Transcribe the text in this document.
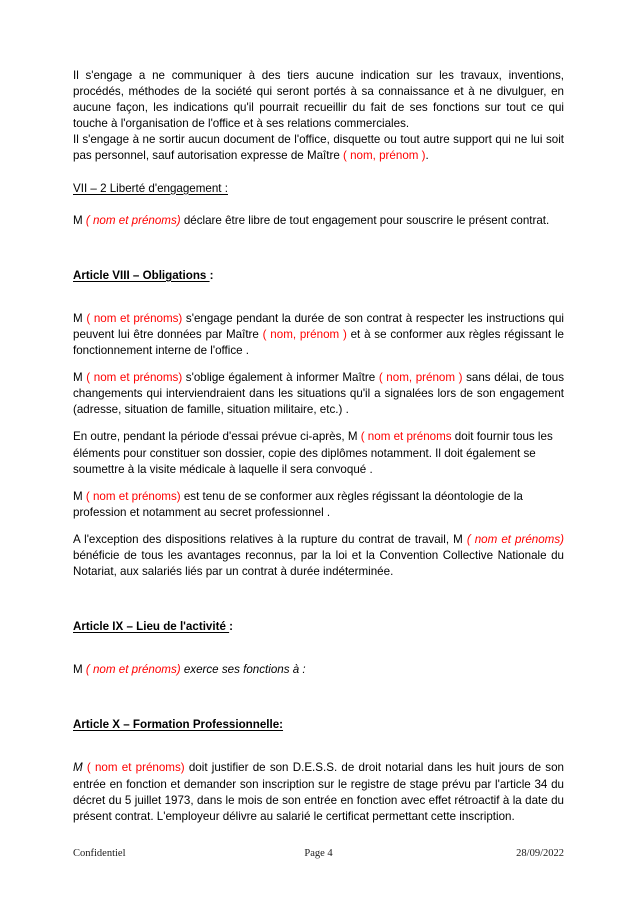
Il s'engage a ne communiquer à des tiers aucune indication sur les travaux, inventions, procédés, méthodes de la société qui seront portés à sa connaissance et à ne divulguer, en aucune façon, les indications qu'il pourrait recueillir du fait de ses fonctions sur tout ce qui touche à l'organisation de l'office et à ses relations commerciales.

Il s'engage à ne sortir aucun document de l'office, disquette ou tout autre support qui ne lui soit pas personnel, sauf autorisation expresse de Maître ( nom, prénom ).

VII – 2 Liberté d'engagement :

M ( nom et prénoms) déclare être libre de tout engagement pour souscrire le présent contrat.

Article VIII – Obligations :

M ( nom et prénoms) s'engage pendant la durée de son contrat à respecter les instructions qui peuvent lui être données par Maître ( nom, prénom ) et à se conformer aux règles régissant le fonctionnement interne de l'office .

M ( nom et prénoms) s'oblige également à informer Maître ( nom, prénom ) sans délai, de tous changements qui interviendraient dans les situations qu'il a signalées lors de son engagement (adresse, situation de famille, situation militaire, etc.) .

En outre, pendant la période d'essai prévue ci-après, M ( nom et prénoms doit fournir tous les éléments pour constituer son dossier, copie des diplômes notamment. Il doit également se soumettre à la visite médicale à laquelle il sera convoqué .

M ( nom et prénoms) est tenu de se conformer aux règles régissant la déontologie de la profession et notamment au secret professionnel .

A l'exception des dispositions relatives à la rupture du contrat de travail, M ( nom et prénoms) bénéficie de tous les avantages reconnus, par la loi et la Convention Collective Nationale du Notariat, aux salariés liés par un contrat à durée indéterminée.

Article IX – Lieu de l'activité :

M ( nom et prénoms) exerce ses fonctions à :

Article X – Formation Professionnelle:

M ( nom et prénoms) doit justifier de son D.E.S.S. de droit notarial dans les huit jours de son entrée en fonction et demander son inscription sur le registre de stage prévu par l'article 34 du décret du 5 juillet 1973, dans le mois de son entrée en fonction avec effet rétroactif à la date du présent contrat. L'employeur délivre au salarié le certificat permettant cette inscription.

Confidentiel	Page 4	28/09/2022
